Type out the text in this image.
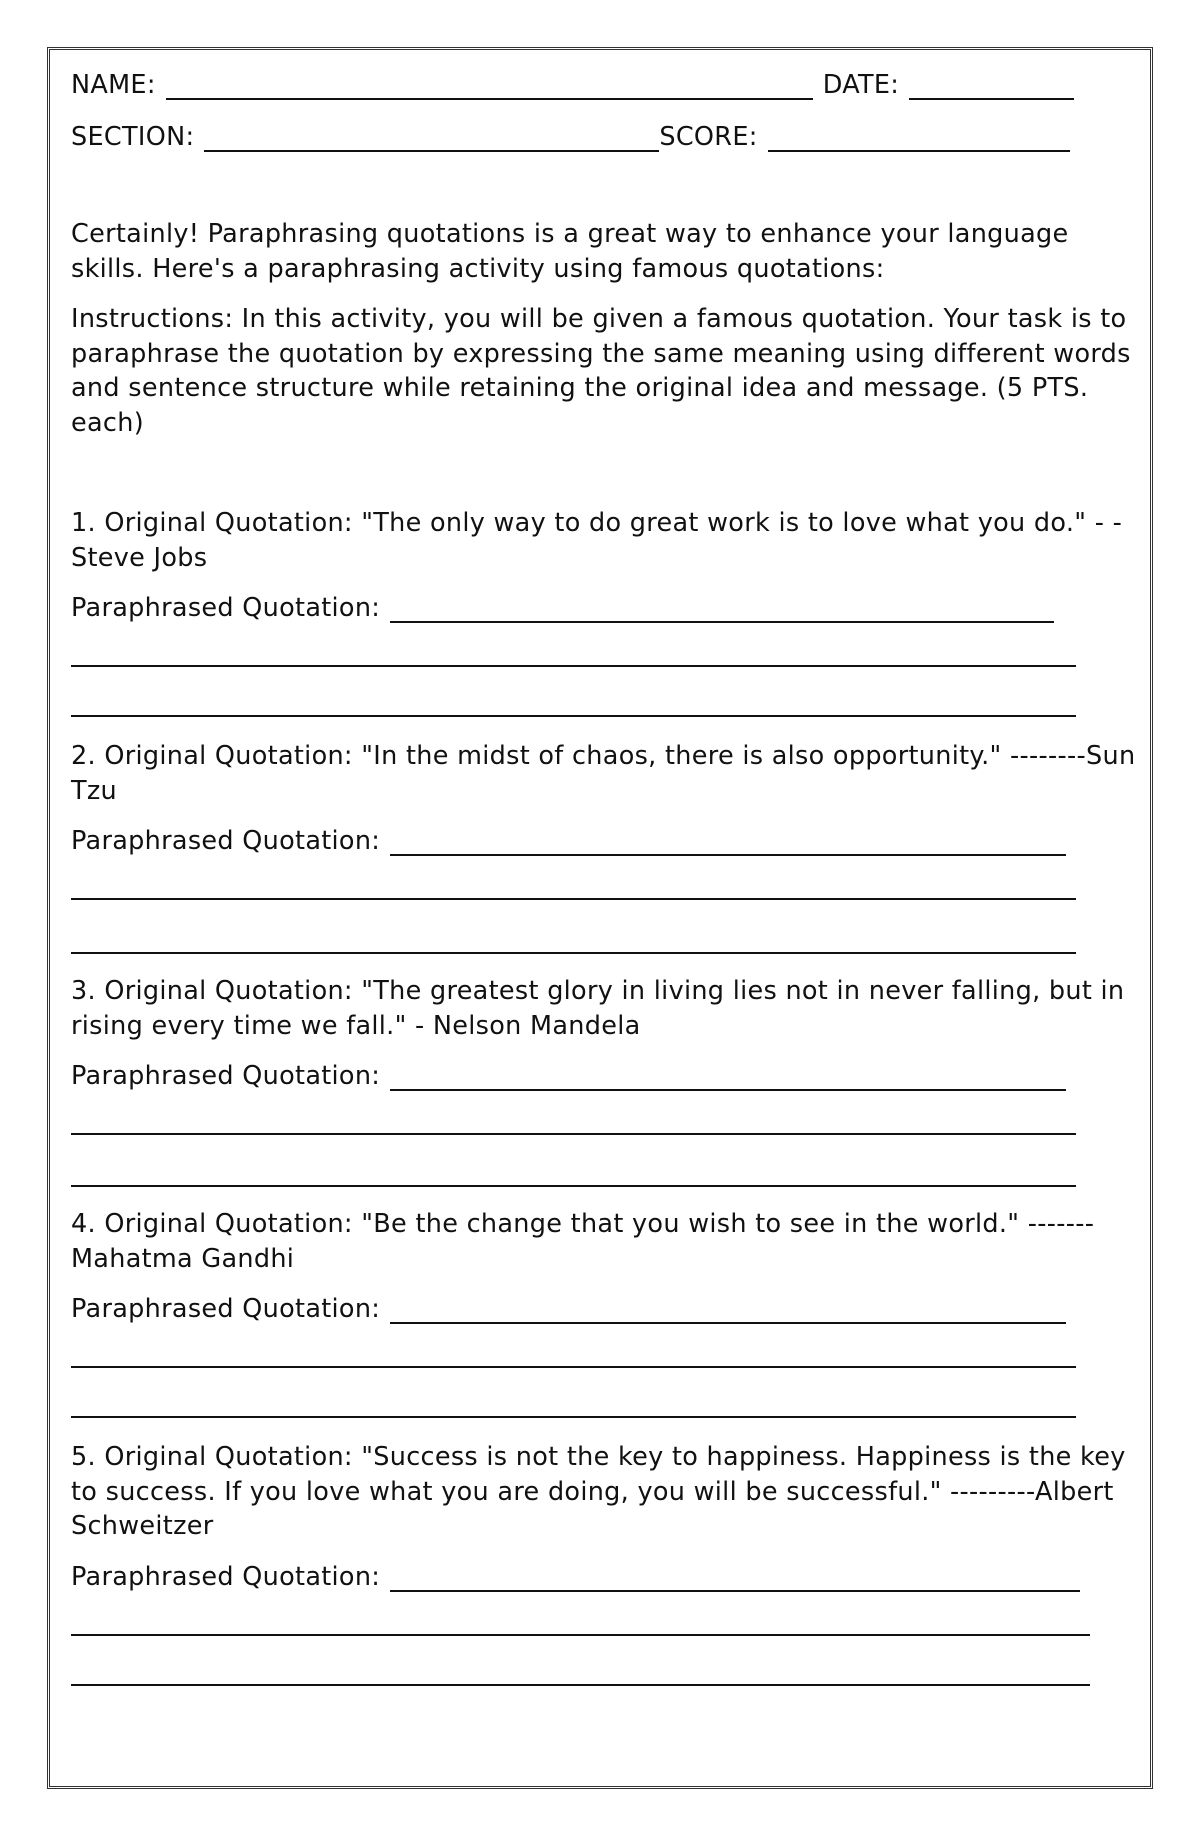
NAME:	DATE:
SECTION:	SCORE:

Certainly! Paraphrasing quotations is a great way to enhance your language skills. Here's a paraphrasing activity using famous quotations:

Instructions: In this activity, you will be given a famous quotation. Your task is to paraphrase the quotation by expressing the same meaning using different words and sentence structure while retaining the original idea and message. (5 PTS. each)

1. Original Quotation: "The only way to do great work is to love what you do." - -Steve Jobs

Paraphrased Quotation:

2. Original Quotation: "In the midst of chaos, there is also opportunity." --------Sun Tzu

Paraphrased Quotation:

3. Original Quotation: "The greatest glory in living lies not in never falling, but in rising every time we fall." - Nelson Mandela

Paraphrased Quotation:

4. Original Quotation: "Be the change that you wish to see in the world." -------Mahatma Gandhi

Paraphrased Quotation:

5. Original Quotation: "Success is not the key to happiness. Happiness is the key to success. If you love what you are doing, you will be successful." ---------Albert Schweitzer

Paraphrased Quotation:
